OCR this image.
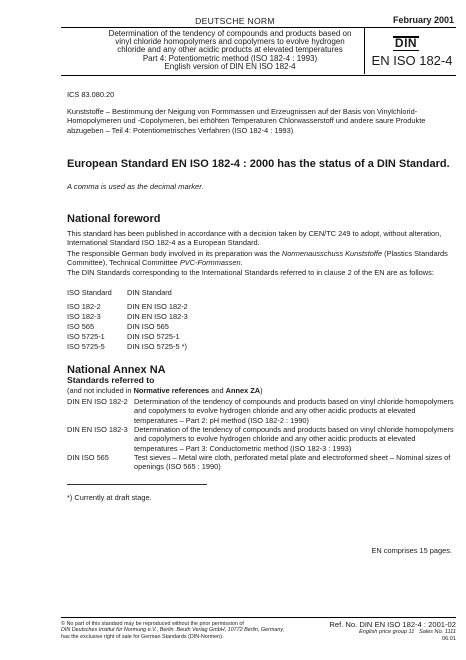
DEUTSCHE NORM	February 2001
Determination of the tendency of compounds and products based on
vinyl chloride homopolymers and copolymers to evolve hydrogen
chloride and any other acidic products at elevated temperatures
Part 4: Potentiometric method (ISO 182-4 : 1993)
English version of DIN EN ISO 182-4
DIN
EN ISO 182-4
ICS 83.080.20
Kunststoffe – Bestimmung der Neigung von Formmassen und Erzeugnissen auf der Basis von Vinylchlorid-Homopolymeren und -Copolymeren, bei erhöhten Temperaturen Chlorwasserstoff und andere saure Produkte abzugeben – Teil 4: Potentiometrisches Verfahren (ISO 182-4 : 1993)
European Standard EN ISO 182-4 : 2000 has the status of a DIN Standard.
A comma is used as the decimal marker.
National foreword
This standard has been published in accordance with a decision taken by CEN/TC 249 to adopt, without alteration, International Standard ISO 182-4 as a European Standard.
The responsible German body involved in its preparation was the Normenausschuss Kunststoffe (Plastics Standards Committee), Technical Committee PVC-Formmassen.
The DIN Standards corresponding to the International Standards referred to in clause 2 of the EN are as follows:
ISO Standard	DIN Standard
ISO 182-2	DIN EN ISO 182-2
ISO 182-3	DIN EN ISO 182-3
ISO 565	DIN ISO 565
ISO 5725-1	DIN ISO 5725-1
ISO 5725-5	DIN ISO 5725-5 *)
National Annex NA
Standards referred to
(and not included in Normative references and Annex ZA)
DIN EN ISO 182-2 Determination of the tendency of compounds and products based on vinyl chloride homopolymers and copolymers to evolve hydrogen chloride and any other acidic products at elevated temperatures – Part 2: pH method (ISO 182-2 : 1990)
DIN EN ISO 182-3 Determination of the tendency of compounds and products based on vinyl chloride homopolymers and copolymers to evolve hydrogen chloride and any other acidic products at elevated temperatures – Part 3: Conductometric method (ISO 182-3 : 1993)
DIN ISO 565	Test sieves – Metal wire cloth, perforated metal plate and electroformed sheet – Nominal sizes of openings (ISO 565 : 1990)
*) Currently at draft stage.
EN comprises 15 pages.
© No part of this standard may be reproduced without the prior permission of
DIN Deutsches Institut für Normung e.V., Berlin. Beuth Verlag GmbH, 10772 Berlin, Germany,
has the exclusive right of sale for German Standards (DIN-Normen).
Ref. No. DIN EN ISO 182-4 : 2001-02
English price group 11 Sales No. 1111
06.01
